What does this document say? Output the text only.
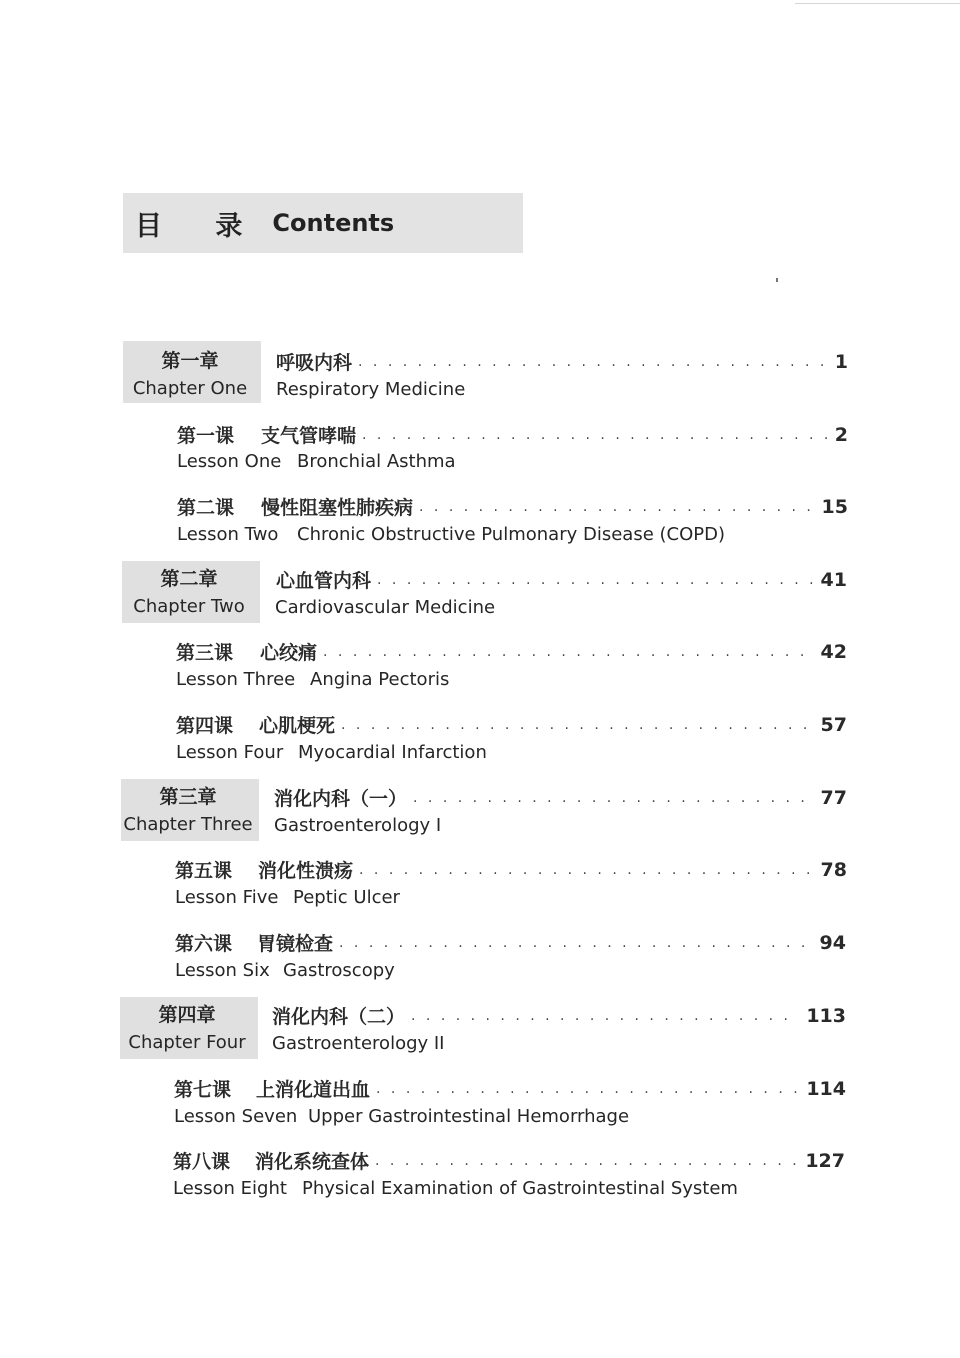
目 录 Contents
第一章
Chapter One
呼吸内科 . . .	1
Respiratory Medicine
第一课	支气管哮喘 . . .	2
Lesson One Bronchial Asthma
第二课	慢性阻塞性肺疾病 . . .	15
Lesson Two Chronic Obstructive Pulmonary Disease (COPD)
第二章
Chapter Two
心血管内科 . . .	41
Cardiovascular Medicine
第三课	心绞痛 . . .	42
Lesson Three Angina Pectoris
第四课	心肌梗死 . . .	57
Lesson Four Myocardial Infarction
第三章
Chapter Three
消化内科（一） . . .	77
Gastroenterology I
第五课	消化性溃疡 . . .	78
Lesson Five Peptic Ulcer
第六课	胃镜检查 . . .	94
Lesson Six Gastroscopy
第四章
Chapter Four
消化内科（二） . . .	113
Gastroenterology II
第七课	上消化道出血 . . .	114
Lesson Seven Upper Gastrointestinal Hemorrhage
第八课	消化系统查体 . . .	127
Lesson Eight Physical Examination of Gastrointestinal System
